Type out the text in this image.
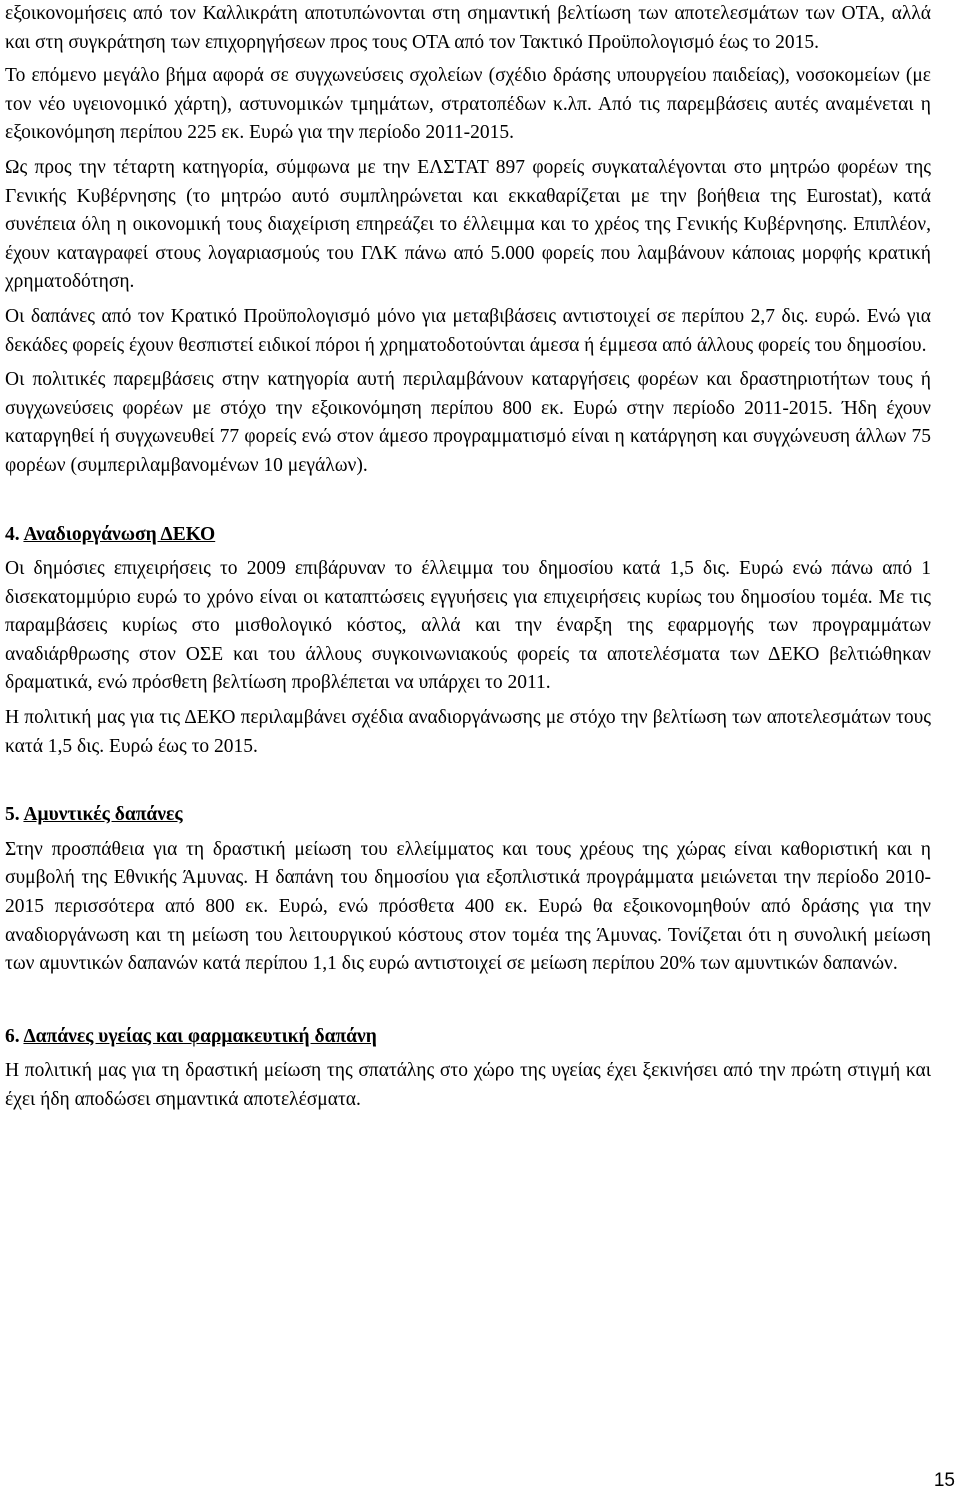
εξοικονομήσεις από τον Καλλικράτη αποτυπώνονται στη σημαντική βελτίωση των αποτελεσμάτων των ΟΤΑ, αλλά και στη συγκράτηση των επιχορηγήσεων προς τους ΟΤΑ από τον Τακτικό Προϋπολογισμό έως το 2015.

Το επόμενο μεγάλο βήμα αφορά σε συγχωνεύσεις σχολείων (σχέδιο δράσης υπουργείου παιδείας), νοσοκομείων (με τον νέο υγειονομικό χάρτη), αστυνομικών τμημάτων, στρατοπέδων κ.λπ. Από τις παρεμβάσεις αυτές αναμένεται η εξοικονόμηση περίπου 225 εκ. Ευρώ για την περίοδο 2011-2015.

Ως προς την τέταρτη κατηγορία, σύμφωνα με την ΕΛΣΤΑΤ 897 φορείς συγκαταλέγονται στο μητρώο φορέων της Γενικής Κυβέρνησης (το μητρώο αυτό συμπληρώνεται και εκκαθαρίζεται με την βοήθεια της Eurostat), κατά συνέπεια όλη η οικονομική τους διαχείριση επηρεάζει το έλλειμμα και το χρέος της Γενικής Κυβέρνησης. Επιπλέον, έχουν καταγραφεί στους λογαριασμούς του ΓΛΚ πάνω από 5.000 φορείς που λαμβάνουν κάποιας μορφής κρατική χρηματοδότηση.

Οι δαπάνες από τον Κρατικό Προϋπολογισμό μόνο για μεταβιβάσεις αντιστοιχεί σε περίπου 2,7 δις. ευρώ. Ενώ για δεκάδες φορείς έχουν θεσπιστεί ειδικοί πόροι ή χρηματοδοτούνται άμεσα ή έμμεσα από άλλους φορείς του δημοσίου.

Οι πολιτικές παρεμβάσεις στην κατηγορία αυτή περιλαμβάνουν καταργήσεις φορέων και δραστηριοτήτων τους ή συγχωνεύσεις φορέων με στόχο την εξοικονόμηση περίπου 800 εκ. Ευρώ στην περίοδο 2011-2015. Ήδη έχουν καταργηθεί ή συγχωνευθεί 77 φορείς ενώ στον άμεσο προγραμματισμό είναι η κατάργηση και συγχώνευση άλλων 75 φορέων (συμπεριλαμβανομένων 10 μεγάλων).

4. Αναδιοργάνωση ΔΕΚΟ

Οι δημόσιες επιχειρήσεις το 2009 επιβάρυναν το έλλειμμα του δημοσίου κατά 1,5 δις. Ευρώ ενώ πάνω από 1 δισεκατομμύριο ευρώ το χρόνο είναι οι καταπτώσεις εγγυήσεις για επιχειρήσεις κυρίως του δημοσίου τομέα. Με τις παραμβάσεις κυρίως στο μισθολογικό κόστος, αλλά και την έναρξη της εφαρμογής των προγραμμάτων αναδιάρθρωσης στον ΟΣΕ και του άλλους συγκοινωνιακούς φορείς τα αποτελέσματα των ΔΕΚΟ βελτιώθηκαν δραματικά, ενώ πρόσθετη βελτίωση προβλέπεται να υπάρχει το 2011.

Η πολιτική μας για τις ΔΕΚΟ περιλαμβάνει σχέδια αναδιοργάνωσης με στόχο την βελτίωση των αποτελεσμάτων τους κατά 1,5 δις. Ευρώ έως το 2015.

5. Αμυντικές δαπάνες

Στην προσπάθεια για τη δραστική μείωση του ελλείμματος και τους χρέους της χώρας είναι καθοριστική και η συμβολή της Εθνικής Άμυνας. Η δαπάνη του δημοσίου για εξοπλιστικά προγράμματα μειώνεται την περίοδο 2010-2015 περισσότερα από 800 εκ. Ευρώ, ενώ πρόσθετα 400 εκ. Ευρώ θα εξοικονομηθούν από δράσης για την αναδιοργάνωση και τη μείωση του λειτουργικού κόστους στον τομέα της Άμυνας. Τονίζεται ότι η συνολική μείωση των αμυντικών δαπανών κατά περίπου 1,1 δις ευρώ αντιστοιχεί σε μείωση περίπου 20% των αμυντικών δαπανών.

6. Δαπάνες υγείας και φαρμακευτική δαπάνη

Η πολιτική μας για τη δραστική μείωση της σπατάλης στο χώρο της υγείας έχει ξεκινήσει από την πρώτη στιγμή και έχει ήδη αποδώσει σημαντικά αποτελέσματα.

15
